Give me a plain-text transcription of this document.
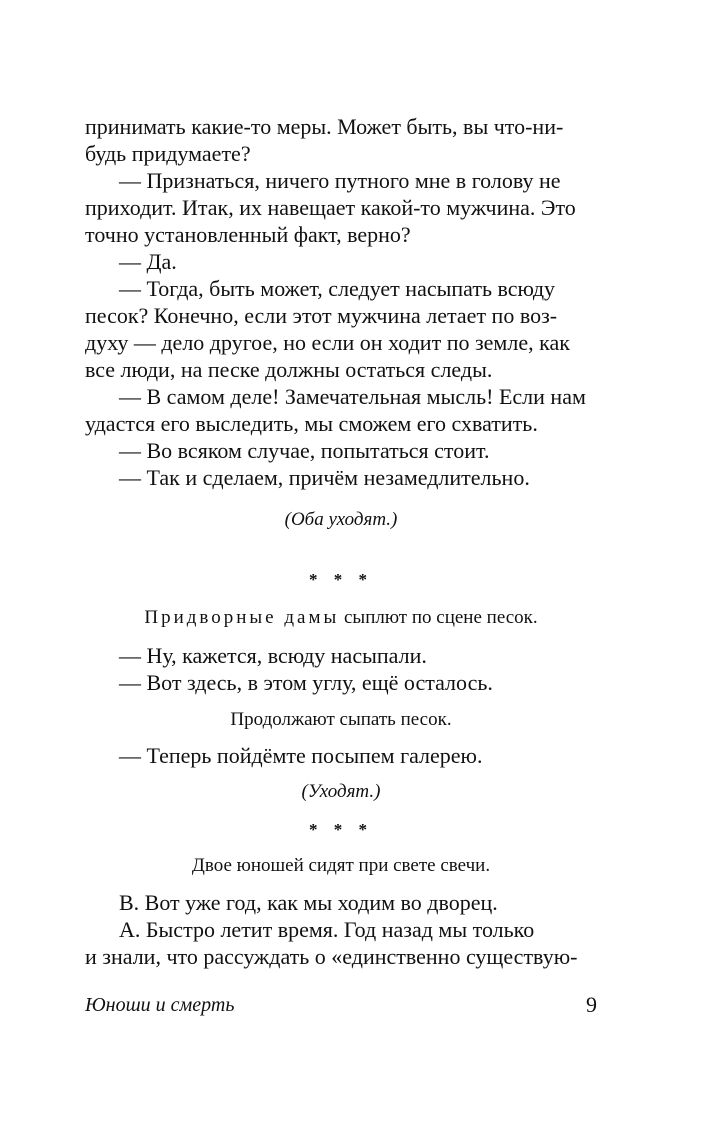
принимать какие-то меры. Может быть, вы что-ни-
будь придумаете?
— Признаться, ничего путного мне в голову не
приходит. Итак, их навещает какой-то мужчина. Это
точно установленный факт, верно?
— Да.
— Тогда, быть может, следует насыпать всюду
песок? Конечно, если этот мужчина летает по воз-
духу — дело другое, но если он ходит по земле, как
все люди, на песке должны остаться следы.
— В самом деле! Замечательная мысль! Если нам
удастся его выследить, мы сможем его схватить.
— Во всяком случае, попытаться стоит.
— Так и сделаем, причём незамедлительно.
(Оба уходят.)
* * *
Придворные дамы сыплют по сцене песок.
— Ну, кажется, всюду насыпали.
— Вот здесь, в этом углу, ещё осталось.
Продолжают сыпать песок.
— Теперь пойдёмте посыпем галерею.
(Уходят.)
* * *
Двое юношей сидят при свете свечи.
В. Вот уже год, как мы ходим во дворец.
А. Быстро летит время. Год назад мы только
и знали, что рассуждать о «единственно существую-
Юноши и смерть	9
